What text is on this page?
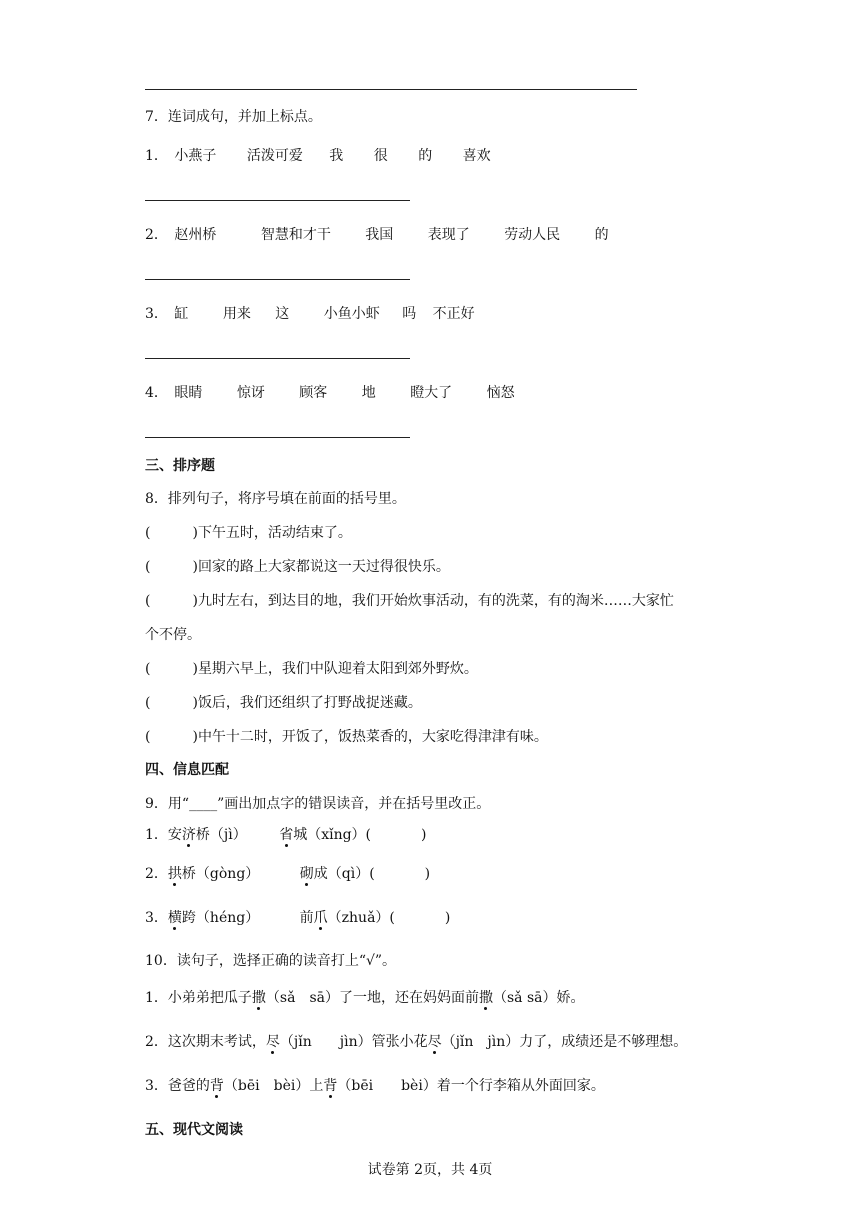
7．连词成句，并加上标点。
1． 小燕子 活泼可爱 我 很 的 喜欢
2． 赵州桥	智慧和才干 我国 表现了 劳动人民 的
3． 缸 用来 这 小鱼小虾 吗 不正好
4． 眼睛 惊讶 顾客 地 瞪大了 恼怒
三、排序题
8．排列句子，将序号填在前面的括号里。
(	)下午五时，活动结束了。
(	)回家的路上大家都说这一天过得很快乐。
(	)九时左右，到达目的地，我们开始炊事活动，有的洗菜，有的淘米……大家忙
个不停。
(	)星期六早上，我们中队迎着太阳到郊外野炊。
(	)饭后，我们还组织了打野战捉迷藏。
(	)中午十二时，开饭了，饭热菜香的，大家吃得津津有味。
四、信息匹配
9．用“____”画出加点字的错误读音，并在括号里改正。
1．安济桥（jì） 省城（xǐng）(	)
2．拱桥（gòng）	砌成（qì）(	)
3．横跨（héng）	前爪（zhuǎ）(	)
10．读句子，选择正确的读音打上“√”。
1．小弟弟把瓜子撒（sǎ　sā）了一地，还在妈妈面前撒（sǎ sā）娇。
2．这次期末考试，尽（jǐn　　jìn）管张小花尽（jǐn　jìn）力了，成绩还是不够理想。
3．爸爸的背（bēi　bèi）上背（bēi　　bèi）着一个行李箱从外面回家。
五、现代文阅读
试卷第 2页，共 4页
